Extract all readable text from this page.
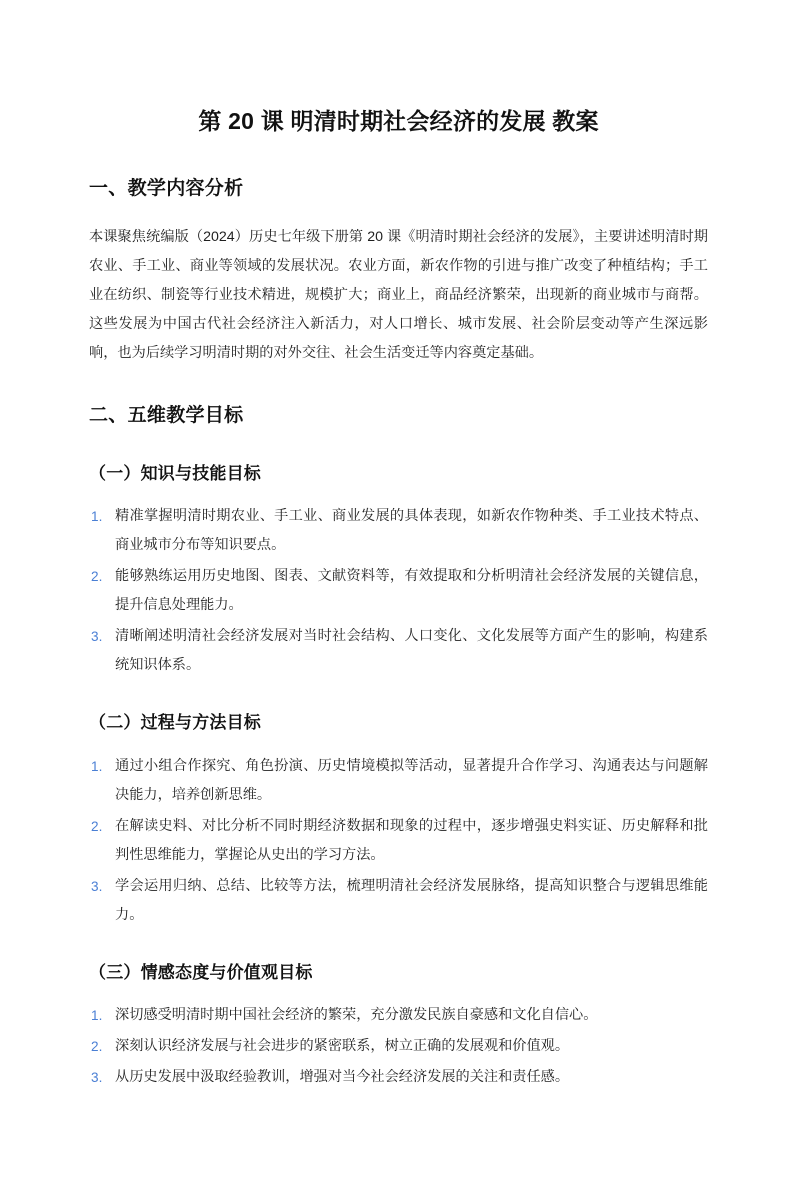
第 20 课 明清时期社会经济的发展 教案
一、教学内容分析

本课聚焦统编版（2024）历史七年级下册第 20 课《明清时期社会经济的发展》，主要讲述明清时期农业、手工业、商业等领域的发展状况。农业方面，新农作物的引进与推广改变了种植结构；手工业在纺织、制瓷等行业技术精进，规模扩大；商业上，商品经济繁荣，出现新的商业城市与商帮。这些发展为中国古代社会经济注入新活力，对人口增长、城市发展、社会阶层变动等产生深远影响，也为后续学习明清时期的对外交往、社会生活变迁等内容奠定基础。

二、五维教学目标
（一）知识与技能目标
精准掌握明清时期农业、手工业、商业发展的具体表现，如新农作物种类、手工业技术特点、商业城市分布等知识要点。
能够熟练运用历史地图、图表、文献资料等，有效提取和分析明清社会经济发展的关键信息，提升信息处理能力。
清晰阐述明清社会经济发展对当时社会结构、人口变化、文化发展等方面产生的影响，构建系统知识体系。
（二）过程与方法目标
通过小组合作探究、角色扮演、历史情境模拟等活动，显著提升合作学习、沟通表达与问题解决能力，培养创新思维。
在解读史料、对比分析不同时期经济数据和现象的过程中，逐步增强史料实证、历史解释和批判性思维能力，掌握论从史出的学习方法。
学会运用归纳、总结、比较等方法，梳理明清社会经济发展脉络，提高知识整合与逻辑思维能力。
（三）情感态度与价值观目标
深切感受明清时期中国社会经济的繁荣，充分激发民族自豪感和文化自信心。
深刻认识经济发展与社会进步的紧密联系，树立正确的发展观和价值观。
从历史发展中汲取经验教训，增强对当今社会经济发展的关注和责任感。
